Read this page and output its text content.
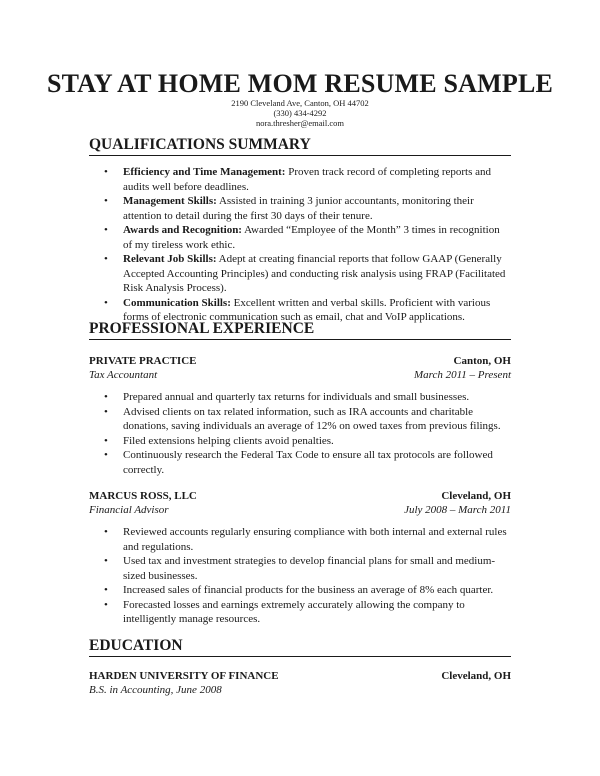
STAY AT HOME MOM RESUME SAMPLE
2190 Cleveland Ave, Canton, OH 44702
(330) 434-4292
nora.thresher@email.com
QUALIFICATIONS SUMMARY
• Efficiency and Time Management: Proven track record of completing reports and audits well before deadlines.
• Management Skills: Assisted in training 3 junior accountants, monitoring their attention to detail during the first 30 days of their tenure.
• Awards and Recognition: Awarded “Employee of the Month” 3 times in recognition of my tireless work ethic.
• Relevant Job Skills: Adept at creating financial reports that follow GAAP (Generally Accepted Accounting Principles) and conducting risk analysis using FRAP (Facilitated Risk Analysis Process).
• Communication Skills: Excellent written and verbal skills. Proficient with various forms of electronic communication such as email, chat and VoIP applications.
PROFESSIONAL EXPERIENCE
PRIVATE PRACTICE	Canton, OH
Tax Accountant	March 2011 – Present
• Prepared annual and quarterly tax returns for individuals and small businesses.
• Advised clients on tax related information, such as IRA accounts and charitable donations, saving individuals an average of 12% on owed taxes from previous filings.
• Filed extensions helping clients avoid penalties.
• Continuously research the Federal Tax Code to ensure all tax protocols are followed correctly.
MARCUS ROSS, LLC	Cleveland, OH
Financial Advisor	July 2008 – March 2011
• Reviewed accounts regularly ensuring compliance with both internal and external rules and regulations.
• Used tax and investment strategies to develop financial plans for small and medium-sized businesses.
• Increased sales of financial products for the business an average of 8% each quarter.
• Forecasted losses and earnings extremely accurately allowing the company to intelligently manage resources.
EDUCATION
HARDEN UNIVERSITY OF FINANCE	Cleveland, OH
B.S. in Accounting, June 2008
